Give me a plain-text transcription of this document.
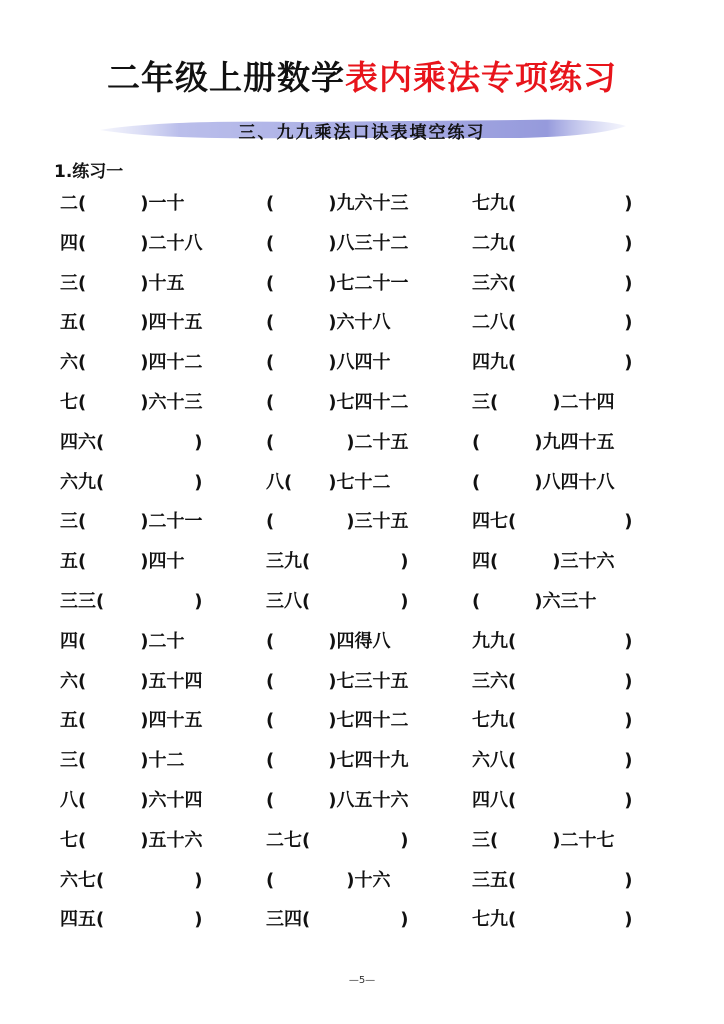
二年级上册数学表内乘法专项练习
三、九九乘法口诀表填空练习
1.练习一
二(　　　)一十	(　　　)九六十三	七九(　　　　　　)
四(　　　)二十八	(　　　)八三十二	二九(　　　　　　)
三(　　　)十五	(　　　)七二十一	三六(　　　　　　)
五(　　　)四十五	(　　　)六十八	二八(　　　　　　)
六(　　　)四十二	(　　　)八四十	四九(　　　　　　)
七(　　　)六十三	(　　　)七四十二	三(　　　)二十四
四六(　　　　　)	(　　　　)二十五	(　　　)九四十五
六九(　　　　　)	八(　　)七十二	(　　　)八四十八
三(　　　)二十一	(　　　　)三十五	四七(　　　　　　)
五(　　　)四十	三九(　　　　　)	四(　　　)三十六
三三(　　　　　)	三八(　　　　　)	(　　　)六三十
四(　　　)二十	(　　　)四得八	九九(　　　　　　)
六(　　　)五十四	(　　　)七三十五	三六(　　　　　　)
五(　　　)四十五	(　　　)七四十二	七九(　　　　　　)
三(　　　)十二	(　　　)七四十九	六八(　　　　　　)
八(　　　)六十四	(　　　)八五十六	四八(　　　　　　)
七(　　　)五十六	二七(　　　　　)	三(　　　)二十七
六七(　　　　　)	(　　　　)十六	三五(　　　　　　)
四五(　　　　　)	三四(　　　　　)	七九(　　　　　　)
—5—
